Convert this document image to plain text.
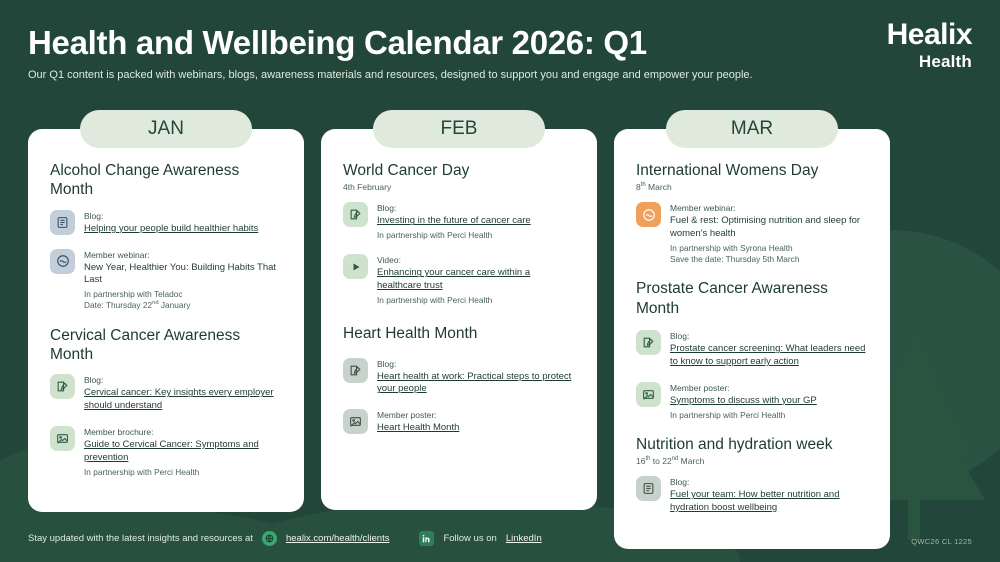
Health and Wellbeing Calendar 2026: Q1
Our Q1 content is packed with webinars, blogs, awareness materials and resources, designed to support you and engage and empower your people.
Healix
Health
JAN
Alcohol Change Awareness Month
Blog:
Helping your people build healthier habits
Member webinar:
New Year, Healthier You: Building Habits That Last
In partnership with Teladoc
Date: Thursday 22nd January
Cervical Cancer Awareness Month
Blog:
Cervical cancer: Key insights every employer should understand
Member brochure:
Guide to Cervical Cancer: Symptoms and prevention
In partnership with Perci Health
FEB
World Cancer Day
4th February
Blog:
Investing in the future of cancer care
In partnership with Perci Health
Video:
Enhancing your cancer care within a healthcare trust
In partnership with Perci Health
Heart Health Month
Blog:
Heart health at work: Practical steps to protect your people
Member poster:
Heart Health Month
MAR
International Womens Day
8th March
Member webinar:
Fuel & rest: Optimising nutrition and sleep for women's health
In partnership with Syrona Health
Save the date: Thursday 5th March
Prostate Cancer Awareness Month
Blog:
Prostate cancer screening: What leaders need to know to support early action
Member poster:
Symptoms to discuss with your GP
In partnership with Perci Health
Nutrition and hydration week
16th to 22nd March
Blog:
Fuel your team: How better nutrition and hydration boost wellbeing
Stay updated with the latest insights and resources at	healix.com/health/clients	Follow us on LinkedIn	QWC26 CL 1225
